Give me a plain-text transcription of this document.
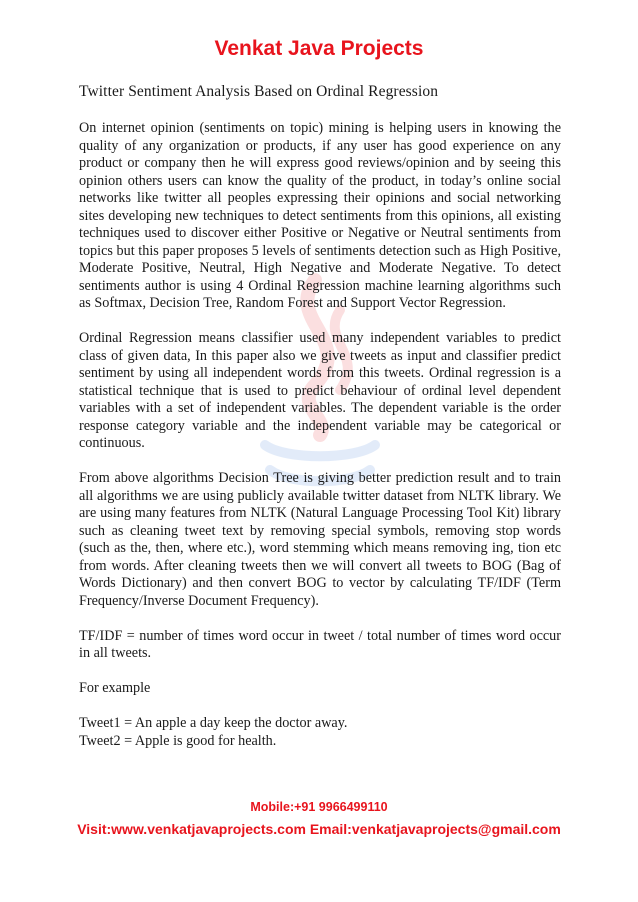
Venkat Java Projects
Twitter Sentiment Analysis Based on Ordinal Regression

On internet opinion (sentiments on topic) mining is helping users in knowing the quality of any organization or products, if any user has good experience on any product or company then he will express good reviews/opinion and by seeing this opinion others users can know the quality of the product, in today’s online social networks like twitter all peoples expressing their opinions and social networking sites developing new techniques to detect sentiments from this opinions, all existing techniques used to discover either Positive or Negative or Neutral sentiments from topics but this paper proposes 5 levels of sentiments detection such as High Positive, Moderate Positive, Neutral, High Negative and Moderate Negative. To detect sentiments author is using 4 Ordinal Regression machine learning algorithms such as Softmax, Decision Tree, Random Forest and Support Vector Regression.

Ordinal Regression means classifier used many independent variables to predict class of given data, In this paper also we give tweets as input and classifier predict sentiment by using all independent words from this tweets. Ordinal regression is a statistical technique that is used to predict behaviour of ordinal level dependent variables with a set of independent variables. The dependent variable is the order response category variable and the independent variable may be categorical or continuous.

From above algorithms Decision Tree is giving better prediction result and to train all algorithms we are using publicly available twitter dataset from NLTK library. We are using many features from NLTK (Natural Language Processing Tool Kit) library such as cleaning tweet text by removing special symbols, removing stop words (such as the, then, where etc.), word stemming which means removing ing, tion etc from words. After cleaning tweets then we will convert all tweets to BOG (Bag of Words Dictionary) and then convert BOG to vector by calculating TF/IDF (Term Frequency/Inverse Document Frequency).

TF/IDF = number of times word occur in tweet / total number of times word occur in all tweets.

For example

Tweet1 = An apple a day keep the doctor away.

Tweet2 = Apple is good for health.

Mobile:+91 9966499110
Visit:www.venkatjavaprojects.com Email:venkatjavaprojects@gmail.com
